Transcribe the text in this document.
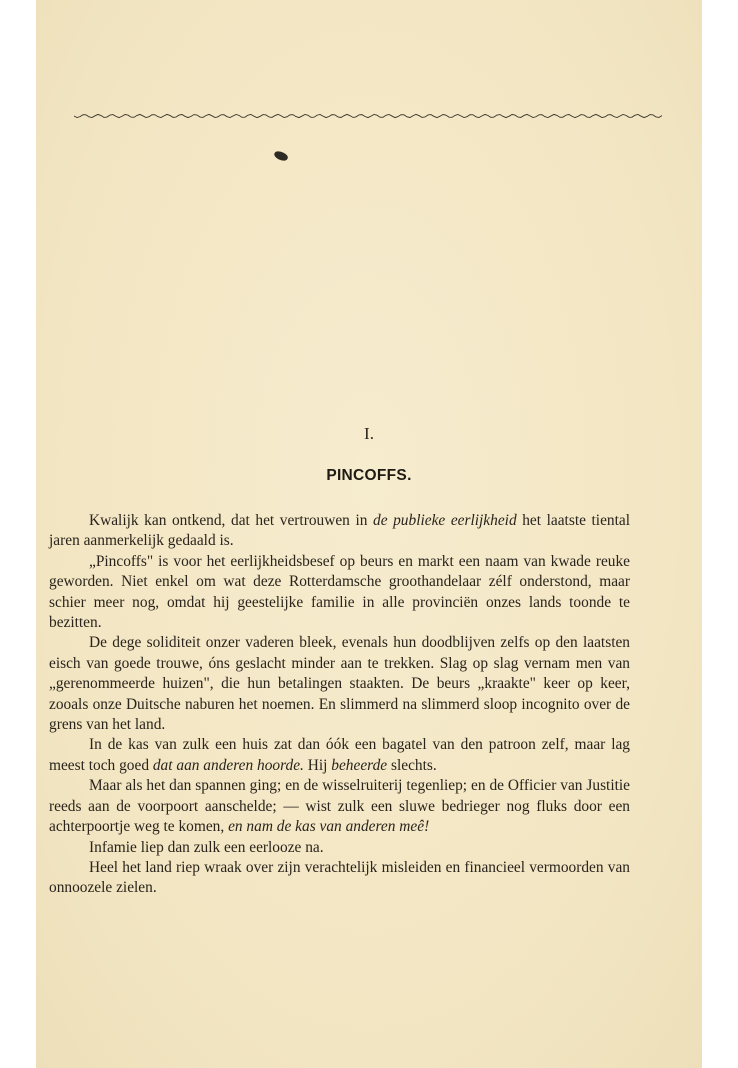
I.
PINCOFFS.

Kwalijk kan ontkend, dat het vertrouwen in de publieke eerlijkheid het laatste tiental jaren aanmerkelijk gedaald is.

„Pincoffs" is voor het eerlijkheidsbesef op beurs en markt een naam van kwade reuke geworden. Niet enkel om wat deze Rotterdamsche groothandelaar zélf onderstond, maar schier meer nog, omdat hij geestelijke familie in alle provinciën onzes lands toonde te bezitten.

De dege soliditeit onzer vaderen bleek, evenals hun doodblijven zelfs op den laatsten eisch van goede trouwe, óns geslacht minder aan te trekken. Slag op slag vernam men van „gerenommeerde huizen", die hun betalingen staakten. De beurs „kraakte" keer op keer, zooals onze Duitsche naburen het noemen. En slimmerd na slimmerd sloop incognito over de grens van het land.

In de kas van zulk een huis zat dan óók een bagatel van den patroon zelf, maar lag meest toch goed dat aan anderen hoorde. Hij beheerde slechts.

Maar als het dan spannen ging; en de wisselruiterij tegenliep; en de Officier van Justitie reeds aan de voorpoort aanschelde; — wist zulk een sluwe bedrieger nog fluks door een achterpoortje weg te komen, en nam de kas van anderen meê!

Infamie liep dan zulk een eerlooze na.

Heel het land riep wraak over zijn verachtelijk misleiden en financieel vermoorden van onnoozele zielen.
